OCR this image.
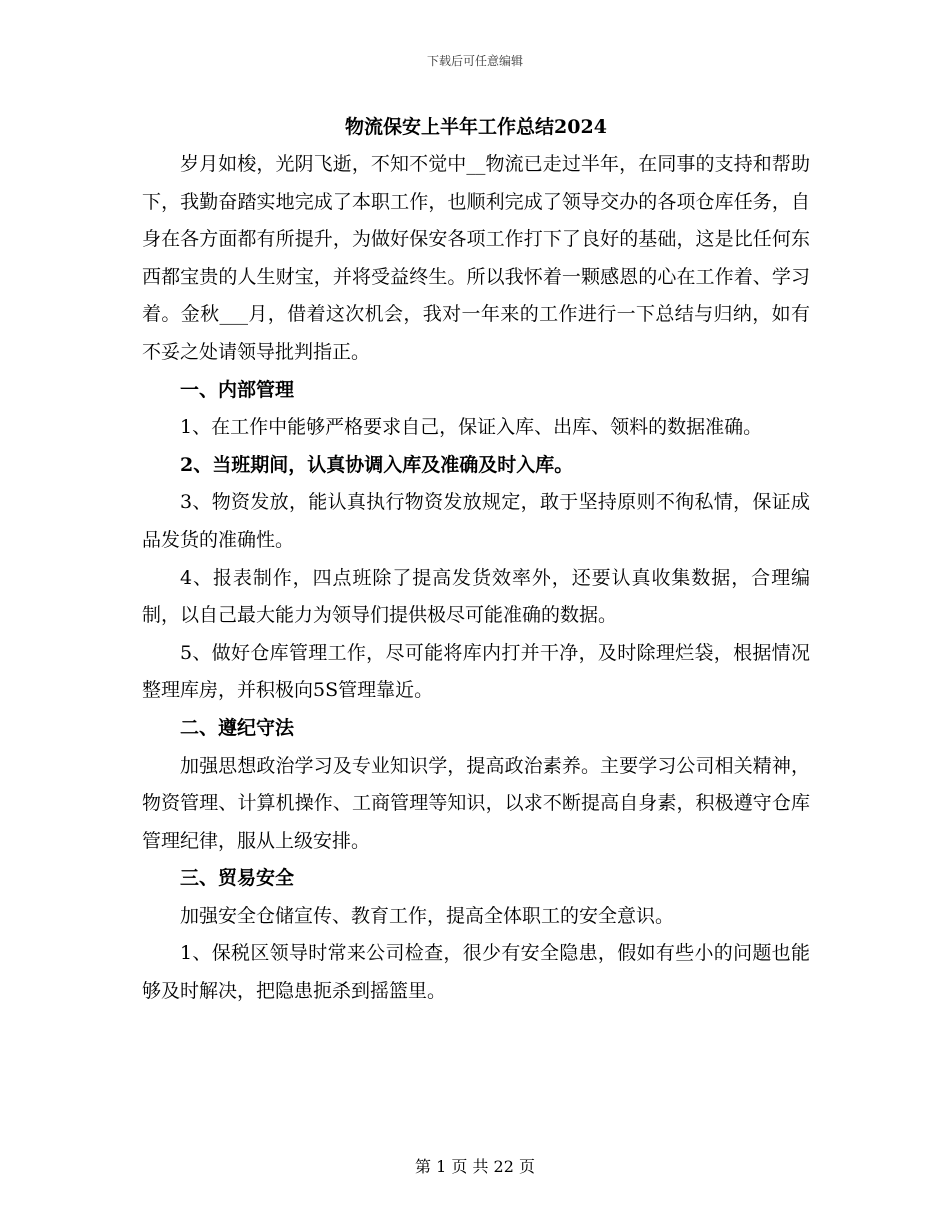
下载后可任意编辑
物流保安上半年工作总结2024

岁月如梭，光阴飞逝，不知不觉中__物流已走过半年，在同事的支持和帮助下，我勤奋踏实地完成了本职工作，也顺利完成了领导交办的各项仓库任务，自身在各方面都有所提升，为做好保安各项工作打下了良好的基础，这是比任何东西都宝贵的人生财宝，并将受益终生。所以我怀着一颗感恩的心在工作着、学习着。金秋___月，借着这次机会，我对一年来的工作进行一下总结与归纳，如有不妥之处请领导批判指正。

一、内部管理

1、在工作中能够严格要求自己，保证入库、出库、领料的数据准确。

2、当班期间，认真协调入库及准确及时入库。

3、物资发放，能认真执行物资发放规定，敢于坚持原则不徇私情，保证成品发货的准确性。

4、报表制作，四点班除了提高发货效率外，还要认真收集数据，合理编制，以自己最大能力为领导们提供极尽可能准确的数据。

5、做好仓库管理工作，尽可能将库内打并干净，及时除理烂袋，根据情况整理库房，并积极向5S管理靠近。

二、遵纪守法

加强思想政治学习及专业知识学，提高政治素养。主要学习公司相关精神，物资管理、计算机操作、工商管理等知识，以求不断提高自身素，积极遵守仓库管理纪律，服从上级安排。

三、贸易安全

加强安全仓储宣传、教育工作，提高全体职工的安全意识。

1、保税区领导时常来公司检查，很少有安全隐患，假如有些小的问题也能够及时解决，把隐患扼杀到摇篮里。

第 1 页 共 22 页
